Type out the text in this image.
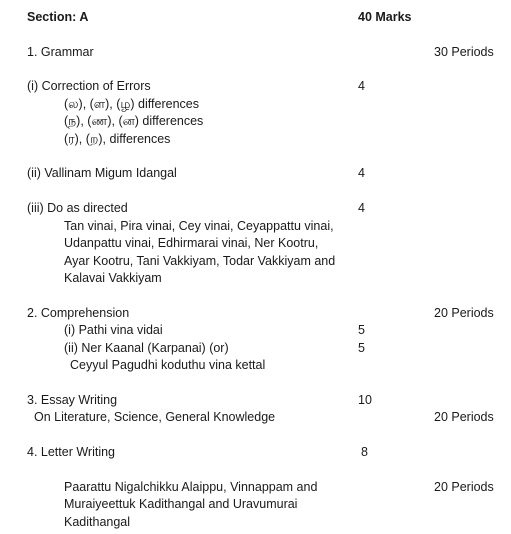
Section: A	40 Marks
1. Grammar	30 Periods
(i) Correction of Errors	4
(ல), (ள), (ழ) differences
(ந), (ண), (ன) differences
(ர), (ற), differences
(ii) Vallinam Migum Idangal	4
(iii) Do as directed	4
Tan vinai, Pira vinai, Cey vinai, Ceyappattu vinai,
Udanpattu vinai, Edhirmarai vinai, Ner Kootru,
Ayar Kootru, Tani Vakkiyam, Todar Vakkiyam and
Kalavai Vakkiyam
2. Comprehension	20 Periods
(i) Pathi vina vidai	5
(ii) Ner Kaanal (Karpanai) (or)	5
Ceyyul Pagudhi koduthu vina kettal
3. Essay Writing	10
On Literature, Science, General Knowledge	20 Periods
4. Letter Writing	8
Paarattu Nigalchikku Alaippu, Vinnappam and	20 Periods
Muraiyeettuk Kadithangal and Uravumurai
Kadithangal
